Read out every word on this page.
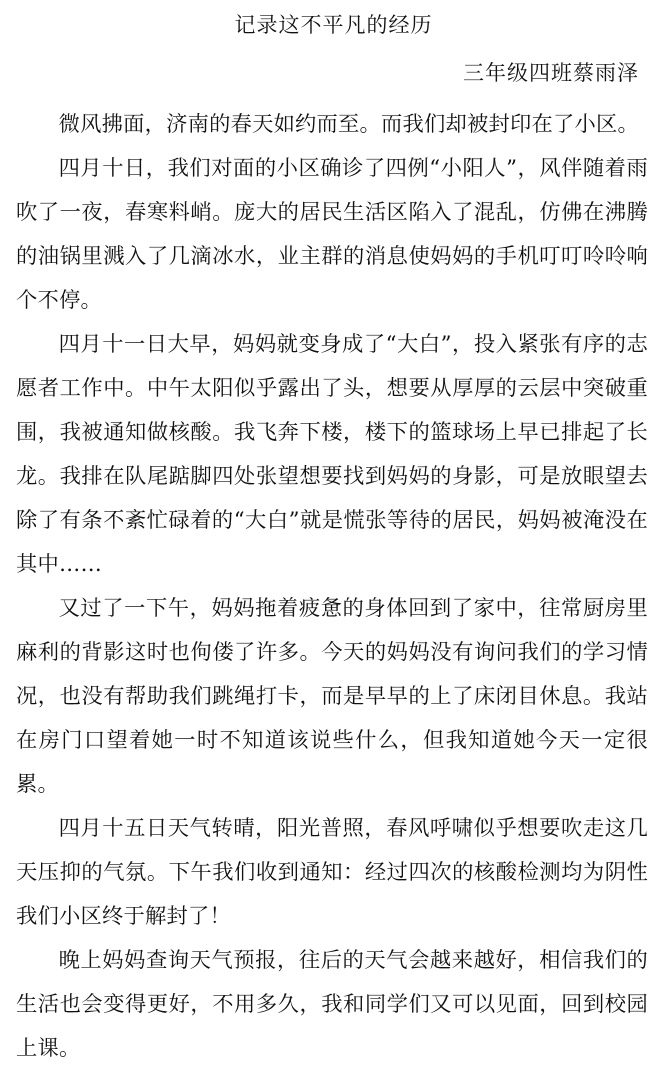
记录这不平凡的经历
三年级四班蔡雨泽

微风拂面，济南的春天如约而至。而我们却被封印在了小区。

四月十日，我们对面的小区确诊了四例“小阳人”，风伴随着雨吹了一夜，春寒料峭。庞大的居民生活区陷入了混乱，仿佛在沸腾的油锅里溅入了几滴冰水，业主群的消息使妈妈的手机叮叮呤呤响个不停。

四月十一日大早，妈妈就变身成了“大白”，投入紧张有序的志愿者工作中。中午太阳似乎露出了头，想要从厚厚的云层中突破重围，我被通知做核酸。我飞奔下楼，楼下的篮球场上早已排起了长龙。我排在队尾踮脚四处张望想要找到妈妈的身影，可是放眼望去除了有条不紊忙碌着的“大白”就是慌张等待的居民，妈妈被淹没在其中……

又过了一下午，妈妈拖着疲惫的身体回到了家中，往常厨房里麻利的背影这时也佝偻了许多。今天的妈妈没有询问我们的学习情况，也没有帮助我们跳绳打卡，而是早早的上了床闭目休息。我站在房门口望着她一时不知道该说些什么，但我知道她今天一定很累。

四月十五日天气转晴，阳光普照，春风呼啸似乎想要吹走这几天压抑的气氛。下午我们收到通知：经过四次的核酸检测均为阴性我们小区终于解封了！

晚上妈妈查询天气预报，往后的天气会越来越好，相信我们的生活也会变得更好，不用多久，我和同学们又可以见面，回到校园上课。
